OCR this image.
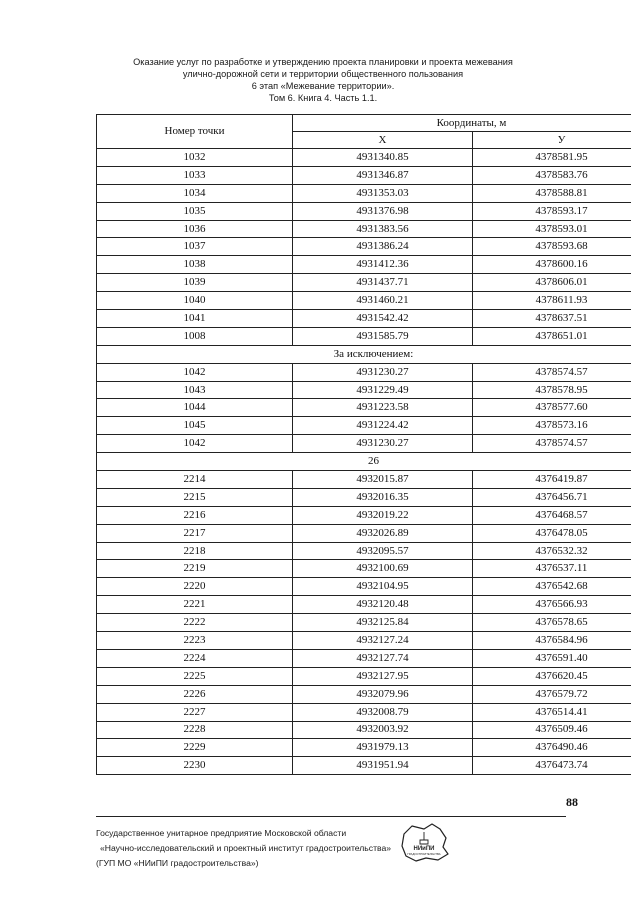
Оказание услуг по разработке и утверждению проекта планировки и проекта межевания
улично-дорожной сети и территории общественного пользования
6 этап «Межевание территории».
Том 6. Книга 4. Часть 1.1.
Номер точки	Координаты, м	
	X	У
1032	4931340.85	4378581.95
1033	4931346.87	4378583.76
1034	4931353.03	4378588.81
1035	4931376.98	4378593.17
1036	4931383.56	4378593.01
1037	4931386.24	4378593.68
1038	4931412.36	4378600.16
1039	4931437.71	4378606.01
1040	4931460.21	4378611.93
1041	4931542.42	4378637.51
1008	4931585.79	4378651.01
За исключением:		
1042	4931230.27	4378574.57
1043	4931229.49	4378578.95
1044	4931223.58	4378577.60
1045	4931224.42	4378573.16
1042	4931230.27	4378574.57
26		
2214	4932015.87	4376419.87
2215	4932016.35	4376456.71
2216	4932019.22	4376468.57
2217	4932026.89	4376478.05
2218	4932095.57	4376532.32
2219	4932100.69	4376537.11
2220	4932104.95	4376542.68
2221	4932120.48	4376566.93
2222	4932125.84	4376578.65
2223	4932127.24	4376584.96
2224	4932127.74	4376591.40
2225	4932127.95	4376620.45
2226	4932079.96	4376579.72
2227	4932008.79	4376514.41
2228	4932003.92	4376509.46
2229	4931979.13	4376490.46
2230	4931951.94	4376473.74
88
Государственное унитарное предприятие Московской области
«Научно-исследовательский и проектный институт градостроительства»
(ГУП МО «НИиПИ градостроительства»)
НИиПИ
ГРАДОСТРОИТЕЛЬСТВА
